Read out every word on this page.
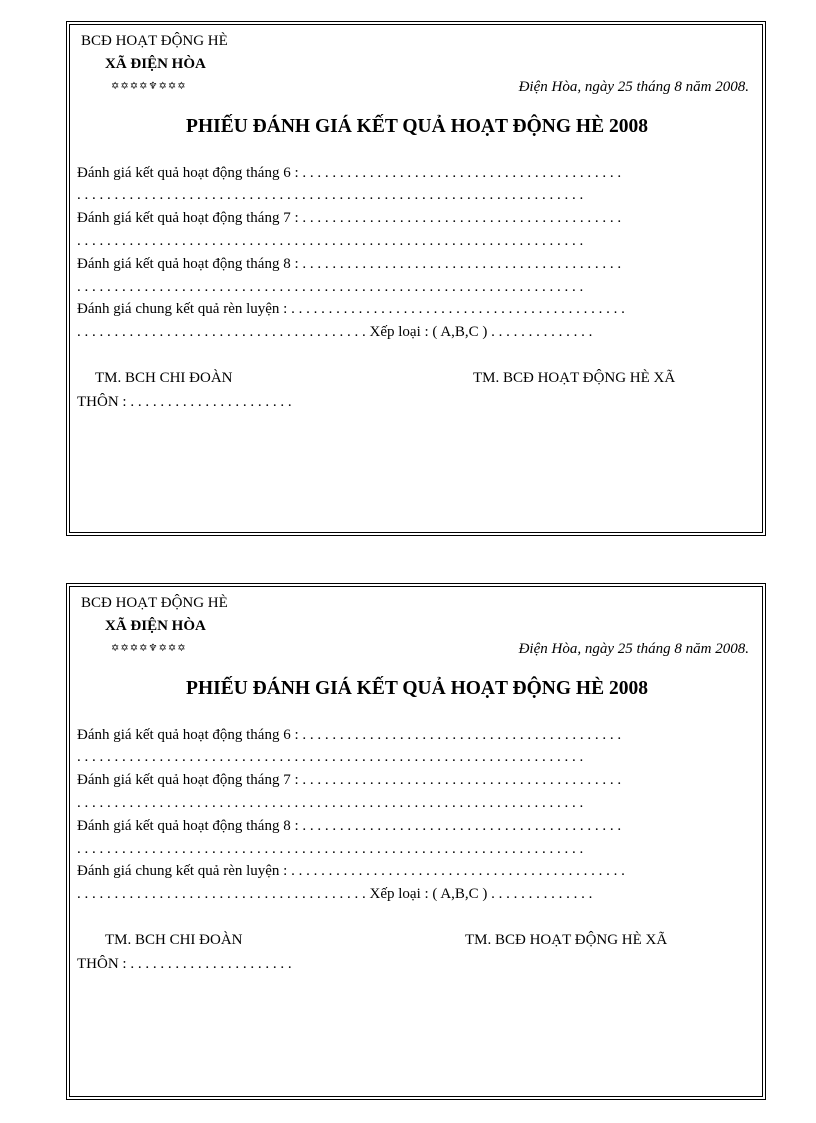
BCĐ HOẠT ĐỘNG HÈ
XÃ ĐIỆN HÒA
✡✡✡✡♆✡✡✡	Điện Hòa, ngày 25 tháng 8 năm 2008.
PHIẾU ĐÁNH GIÁ KẾT QUẢ HOẠT ĐỘNG HÈ 2008
Đánh giá kết quả hoạt động tháng 6 : . . . . . . . . . . . . . . . . . . . . . . . . . . . . . . . . . . . . . . . . . . .
. . . . . . . . . . . . . . . . . . . . . . . . . . . . . . . . . . . . . . . . . . . . . . . . . . . . . . . . . . . . . . . . . . . .
Đánh giá kết quả hoạt động tháng 7 : . . . . . . . . . . . . . . . . . . . . . . . . . . . . . . . . . . . . . . . . . . .
. . . . . . . . . . . . . . . . . . . . . . . . . . . . . . . . . . . . . . . . . . . . . . . . . . . . . . . . . . . . . . . . . . . .
Đánh giá kết quả hoạt động tháng 8 : . . . . . . . . . . . . . . . . . . . . . . . . . . . . . . . . . . . . . . . . . . .
. . . . . . . . . . . . . . . . . . . . . . . . . . . . . . . . . . . . . . . . . . . . . . . . . . . . . . . . . . . . . . . . . . . .
Đánh giá chung kết quả rèn luyện : . . . . . . . . . . . . . . . . . . . . . . . . . . . . . . . . . . . . . . . . . . . . .
. . . . . . . . . . . . . . . . . . . . . . . . . . . . . . . . . . . . . . . Xếp loại : ( A,B,C ) . . . . . . . . . . . . . .
TM. BCH CHI ĐOÀN	TM. BCĐ HOẠT ĐỘNG HÈ XÃ
THÔN : . . . . . . . . . . . . . . . . . . . . . .
BCĐ HOẠT ĐỘNG HÈ
XÃ ĐIỆN HÒA
✡✡✡✡♆✡✡✡	Điện Hòa, ngày 25 tháng 8 năm 2008.
PHIẾU ĐÁNH GIÁ KẾT QUẢ HOẠT ĐỘNG HÈ 2008
Đánh giá kết quả hoạt động tháng 6 : . . . . . . . . . . . . . . . . . . . . . . . . . . . . . . . . . . . . . . . . . . .
. . . . . . . . . . . . . . . . . . . . . . . . . . . . . . . . . . . . . . . . . . . . . . . . . . . . . . . . . . . . . . . . . . . .
Đánh giá kết quả hoạt động tháng 7 : . . . . . . . . . . . . . . . . . . . . . . . . . . . . . . . . . . . . . . . . . . .
. . . . . . . . . . . . . . . . . . . . . . . . . . . . . . . . . . . . . . . . . . . . . . . . . . . . . . . . . . . . . . . . . . . .
Đánh giá kết quả hoạt động tháng 8 : . . . . . . . . . . . . . . . . . . . . . . . . . . . . . . . . . . . . . . . . . . .
. . . . . . . . . . . . . . . . . . . . . . . . . . . . . . . . . . . . . . . . . . . . . . . . . . . . . . . . . . . . . . . . . . . .
Đánh giá chung kết quả rèn luyện : . . . . . . . . . . . . . . . . . . . . . . . . . . . . . . . . . . . . . . . . . . . . .
. . . . . . . . . . . . . . . . . . . . . . . . . . . . . . . . . . . . . . . Xếp loại : ( A,B,C ) . . . . . . . . . . . . . .
TM. BCH CHI ĐOÀN	TM. BCĐ HOẠT ĐỘNG HÈ XÃ
THÔN : . . . . . . . . . . . . . . . . . . . . . .
